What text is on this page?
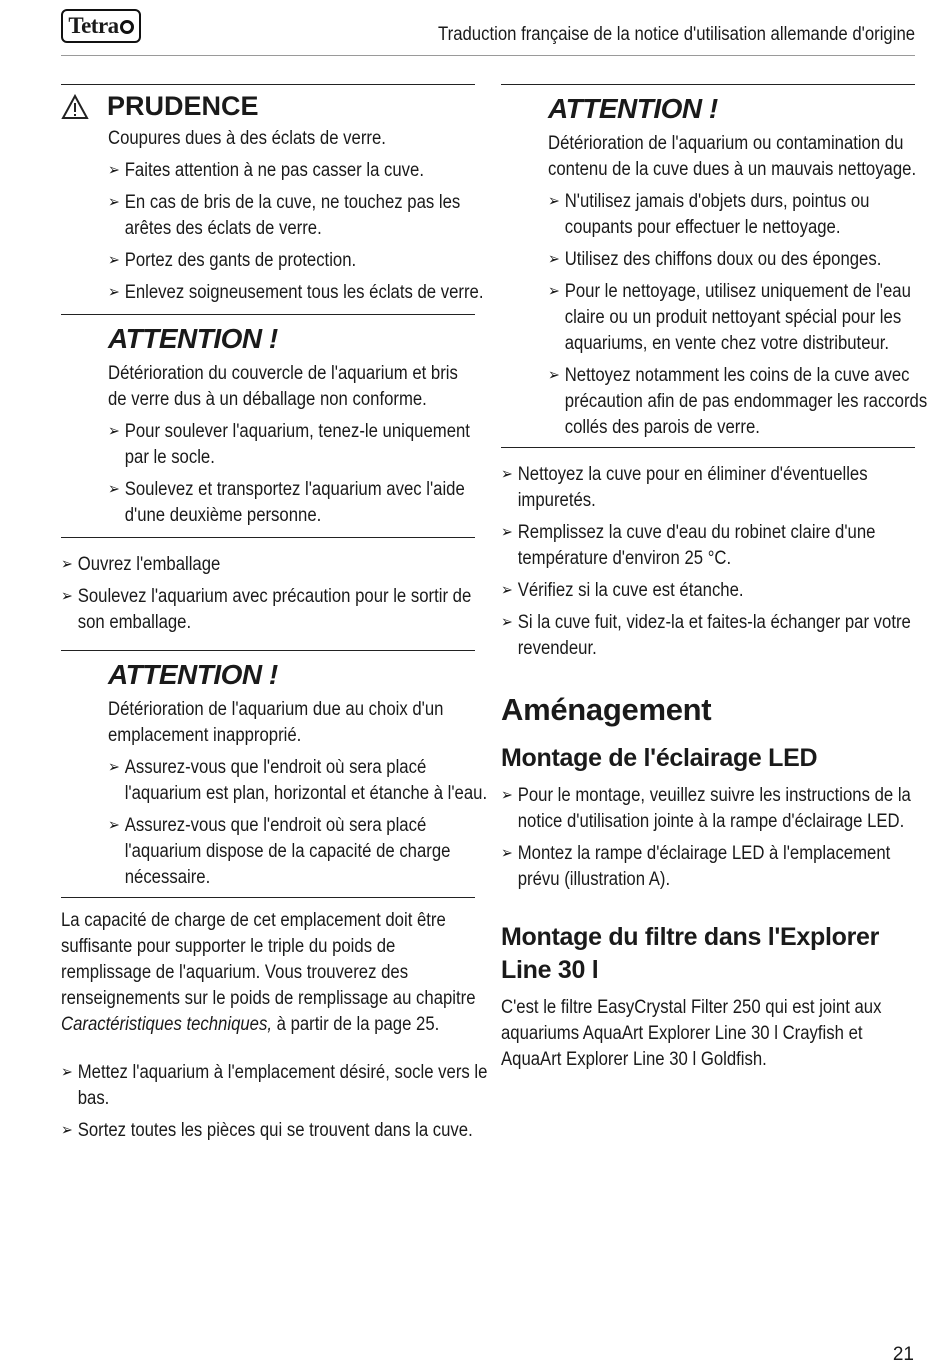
Tetra	Traduction française de la notice d'utilisation allemande d'origine
PRUDENCE
Coupures dues à des éclats de verre.
➢ Faites attention à ne pas casser la cuve.
➢ En cas de bris de la cuve, ne touchez pas les arêtes des éclats de verre.
➢ Portez des gants de protection.
➢ Enlevez soigneusement tous les éclats de verre.
ATTENTION !
Détérioration du couvercle de l'aquarium et bris de verre dus à un déballage non conforme.
➢ Pour soulever l'aquarium, tenez-le uniquement par le socle.
➢ Soulevez et transportez l'aquarium avec l'aide d'une deuxième personne.
➢ Ouvrez l'emballage
➢ Soulevez l'aquarium avec précaution pour le sortir de son emballage.
ATTENTION !
Détérioration de l'aquarium due au choix d'un emplacement inapproprié.
➢ Assurez-vous que l'endroit où sera placé l'aquarium est plan, horizontal et étanche à l'eau.
➢ Assurez-vous que l'endroit où sera placé l'aquarium dispose de la capacité de charge nécessaire.
La capacité de charge de cet emplacement doit être suffisante pour supporter le triple du poids de remplissage de l'aquarium. Vous trouverez des renseignements sur le poids de remplissage au chapitre Caractéristiques techniques, à partir de la page 25.
➢ Mettez l'aquarium à l'emplacement désiré, socle vers le bas.
➢ Sortez toutes les pièces qui se trouvent dans la cuve.
ATTENTION !
Détérioration de l'aquarium ou contamination du contenu de la cuve dues à un mauvais nettoyage.
➢ N'utilisez jamais d'objets durs, pointus ou coupants pour effectuer le nettoyage.
➢ Utilisez des chiffons doux ou des éponges.
➢ Pour le nettoyage, utilisez uniquement de l'eau claire ou un produit nettoyant spécial pour les aquariums, en vente chez votre distributeur.
➢ Nettoyez notamment les coins de la cuve avec précaution afin de pas endommager les raccords collés des parois de verre.
➢ Nettoyez la cuve pour en éliminer d'éventuelles impuretés.
➢ Remplissez la cuve d'eau du robinet claire d'une température d'environ 25 °C.
➢ Vérifiez si la cuve est étanche.
➢ Si la cuve fuit, videz-la et faites-la échanger par votre revendeur.
Aménagement
Montage de l'éclairage LED
➢ Pour le montage, veuillez suivre les instructions de la notice d'utilisation jointe à la rampe d'éclairage LED.
➢ Montez la rampe d'éclairage LED à l'emplacement prévu (illustration A).
Montage du filtre dans l'Explorer Line 30 l
C'est le filtre EasyCrystal Filter 250 qui est joint aux aquariums AquaArt Explorer Line 30 l Crayfish et AquaArt Explorer Line 30 l Goldfish.
21
